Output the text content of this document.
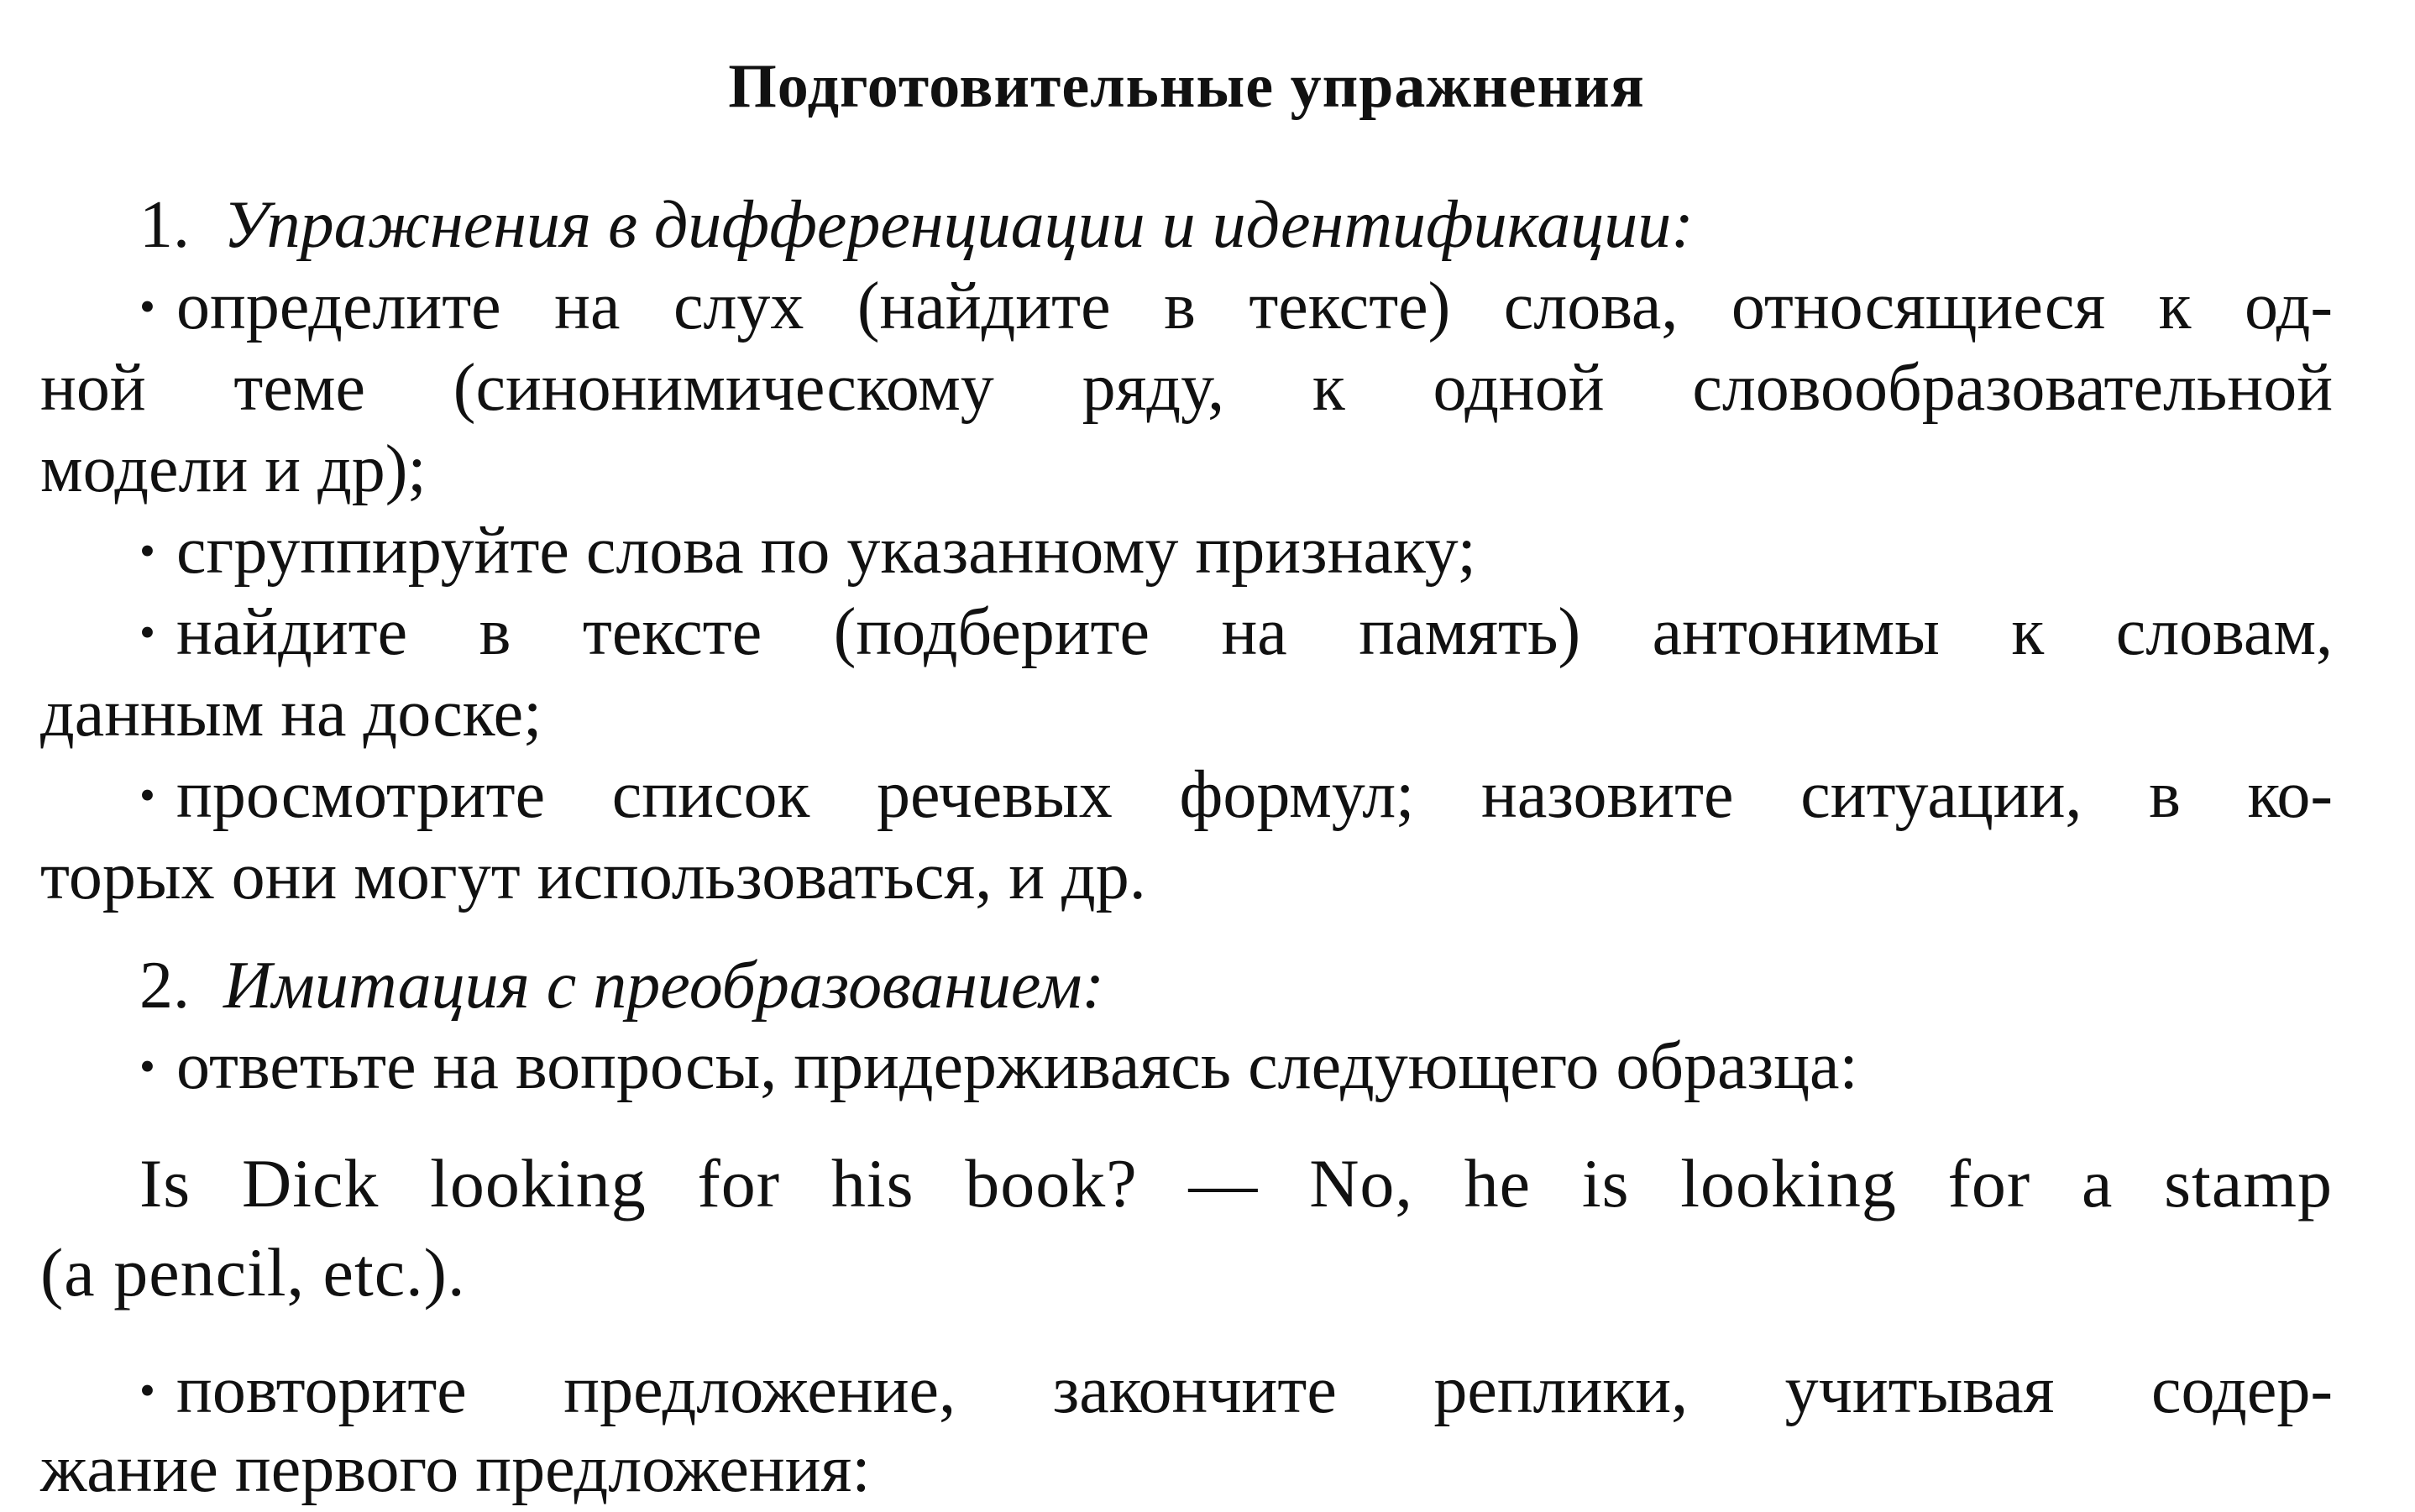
Подготовительные упражнения
1. Упражнения в дифференциации и идентификации:
• определите на слух (найдите в тексте) слова, относящиеся к од-
ной теме (синонимическому ряду, к одной словообразовательной
модели и др);
• сгруппируйте слова по указанному признаку;
• найдите в тексте (подберите на память) антонимы к словам,
данным на доске;
• просмотрите список речевых формул; назовите ситуации, в ко-
торых они могут использоваться, и др.
2. Имитация с преобразованием:
• ответьте на вопросы, придерживаясь следующего образца:
Is Dick looking for his book? — No, he is looking for a stamp
(a pencil, etc.).
• повторите предложение, закончите реплики, учитывая содер-
жание первого предложения:
